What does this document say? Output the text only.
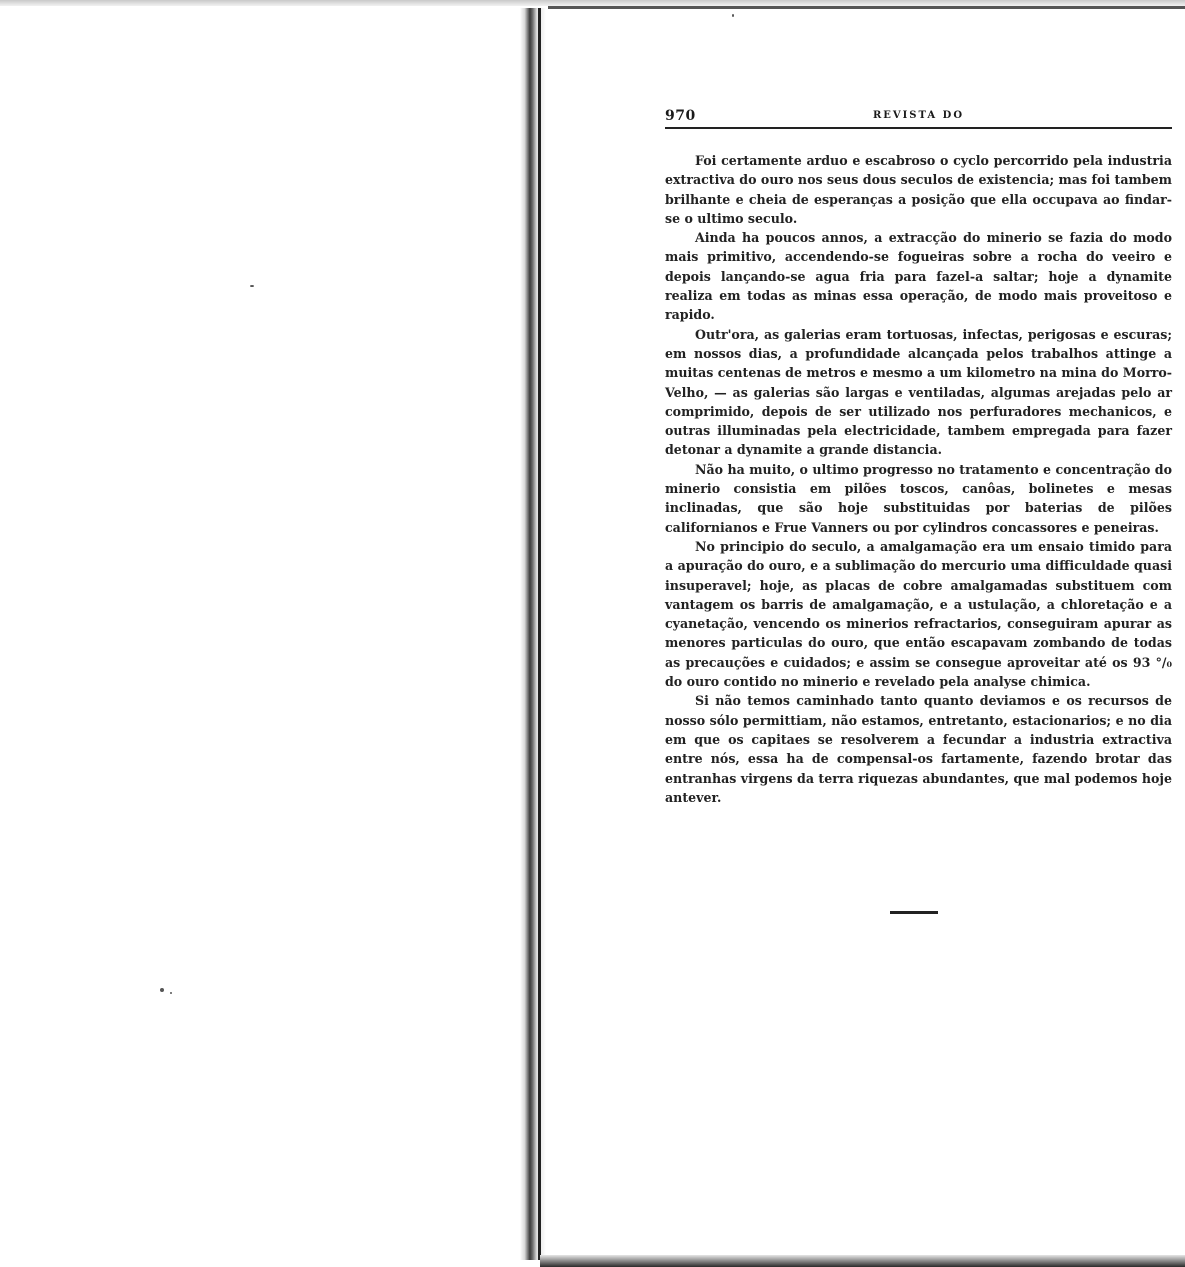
970	REVISTA DO

Foi certamente arduo e escabroso o cyclo percorrido pela industria extractiva do ouro nos seus dous seculos de existencia; mas foi tambem brilhante e cheia de esperanças a posição que ella occupava ao findar-se o ultimo seculo.

Ainda ha poucos annos, a extracção do minerio se fazia do modo mais primitivo, accendendo-se fogueiras sobre a rocha do veeiro e depois lançando-se agua fria para fazel-a saltar; hoje a dynamite realiza em todas as minas essa operação, de modo mais proveitoso e rapido.

Outr'ora, as galerias eram tortuosas, infectas, perigosas e escuras; em nossos dias, a profundidade alcançada pelos trabalhos attinge a muitas centenas de metros e mesmo a um kilometro na mina do Morro-Velho, — as galerias são largas e ventiladas, algumas arejadas pelo ar comprimido, depois de ser utilizado nos perfuradores mechanicos, e outras illuminadas pela electricidade, tambem empregada para fazer detonar a dynamite a grande distancia.

Não ha muito, o ultimo progresso no tratamento e concentração do minerio consistia em pilões toscos, canôas, bolinetes e mesas inclinadas, que são hoje substituidas por baterias de pilões californianos e Frue Vanners ou por cylindros concassores e peneiras.

No principio do seculo, a amalgamação era um ensaio timido para a apuração do ouro, e a sublimação do mercurio uma difficuldade quasi insuperavel; hoje, as placas de cobre amalgamadas substituem com vantagem os barris de amalgamação, e a ustulação, a chloretação e a cyanetação, vencendo os minerios refractarios, conseguiram apurar as menores particulas do ouro, que então escapavam zombando de todas as precauções e cuidados; e assim se consegue aproveitar até os 93 °/₀ do ouro contido no minerio e revelado pela analyse chimica.

Si não temos caminhado tanto quanto deviamos e os recursos de nosso sólo permittiam, não estamos, entretanto, estacionarios; e no dia em que os capitaes se resolverem a fecundar a industria extractiva entre nós, essa ha de compensal-os fartamente, fazendo brotar das entranhas virgens da terra riquezas abundantes, que mal podemos hoje antever.
